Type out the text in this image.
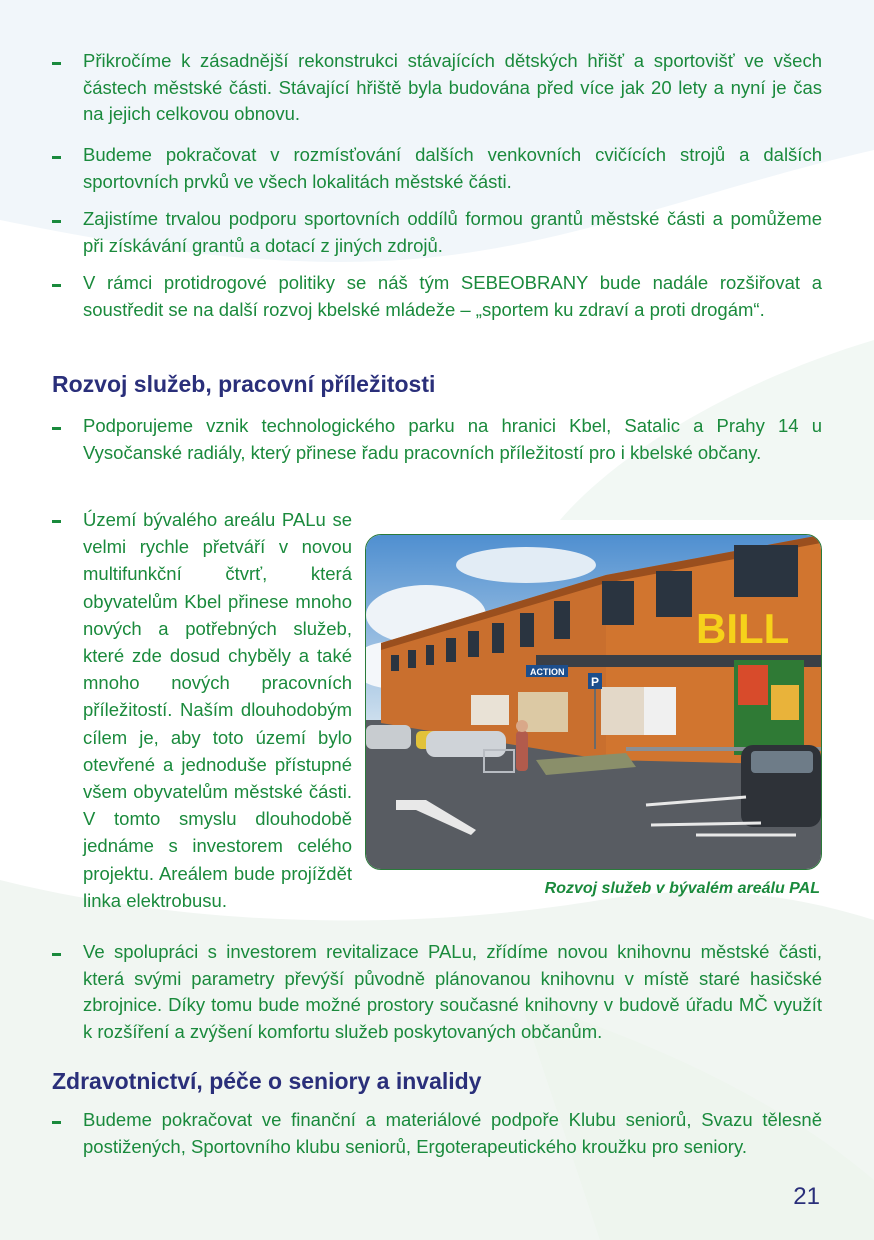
Přikročíme k zásadnější rekonstrukci stávajících dětských hřišť a sportovišť ve všech částech městské části. Stávající hřiště byla budována před více jak 20 lety a nyní je čas na jejich celkovou obnovu.
Budeme pokračovat v rozmísťování dalších venkovních cvičících strojů a dalších sportovních prvků ve všech lokalitách městské části.
Zajistíme trvalou podporu sportovních oddílů formou grantů městské části a pomůžeme při získávání grantů a dotací z jiných zdrojů.
V rámci protidrogové politiky se náš tým SEBEOBRANY bude nadále rozšiřovat a soustředit se na další rozvoj kbelské mládeže – „sportem ku zdraví a proti drogám“.
Rozvoj služeb, pracovní příležitosti
Podporujeme vznik technologického parku na hranici Kbel, Satalic a Prahy 14 u Vysočanské radiály, který přinese řadu pracovních příležitostí pro i kbelské občany.
Území bývalého areálu PALu se velmi rychle přetváří v novou multifunkční čtvrť, která obyvatelům Kbel přinese mnoho nových a potřebných služeb, které zde dosud chyběly a také mnoho nových pracovních příležitostí. Naším dlouhodobým cílem je, aby toto území bylo otevřené a jednoduše přístupné všem obyvatelům městské části. V tomto smyslu dlouhodobě jednáme s investorem celého projektu. Areálem bude projíždět linka elektrobusu.
BILL
ACTION
P
Rozvoj služeb v bývalém areálu PAL
Ve spolupráci s investorem revitalizace PALu, zřídíme novou knihovnu městské části, která svými parametry převýší původně plánovanou knihovnu v místě staré hasičské zbrojnice. Díky tomu bude možné prostory současné knihovny v budově úřadu MČ využít k rozšíření a zvýšení komfortu služeb poskytovaných občanům.
Zdravotnictví, péče o seniory a invalidy
Budeme pokračovat ve finanční a materiálové podpoře Klubu seniorů, Svazu tělesně postižených, Sportovního klubu seniorů, Ergoterapeutického kroužku pro seniory.
21
